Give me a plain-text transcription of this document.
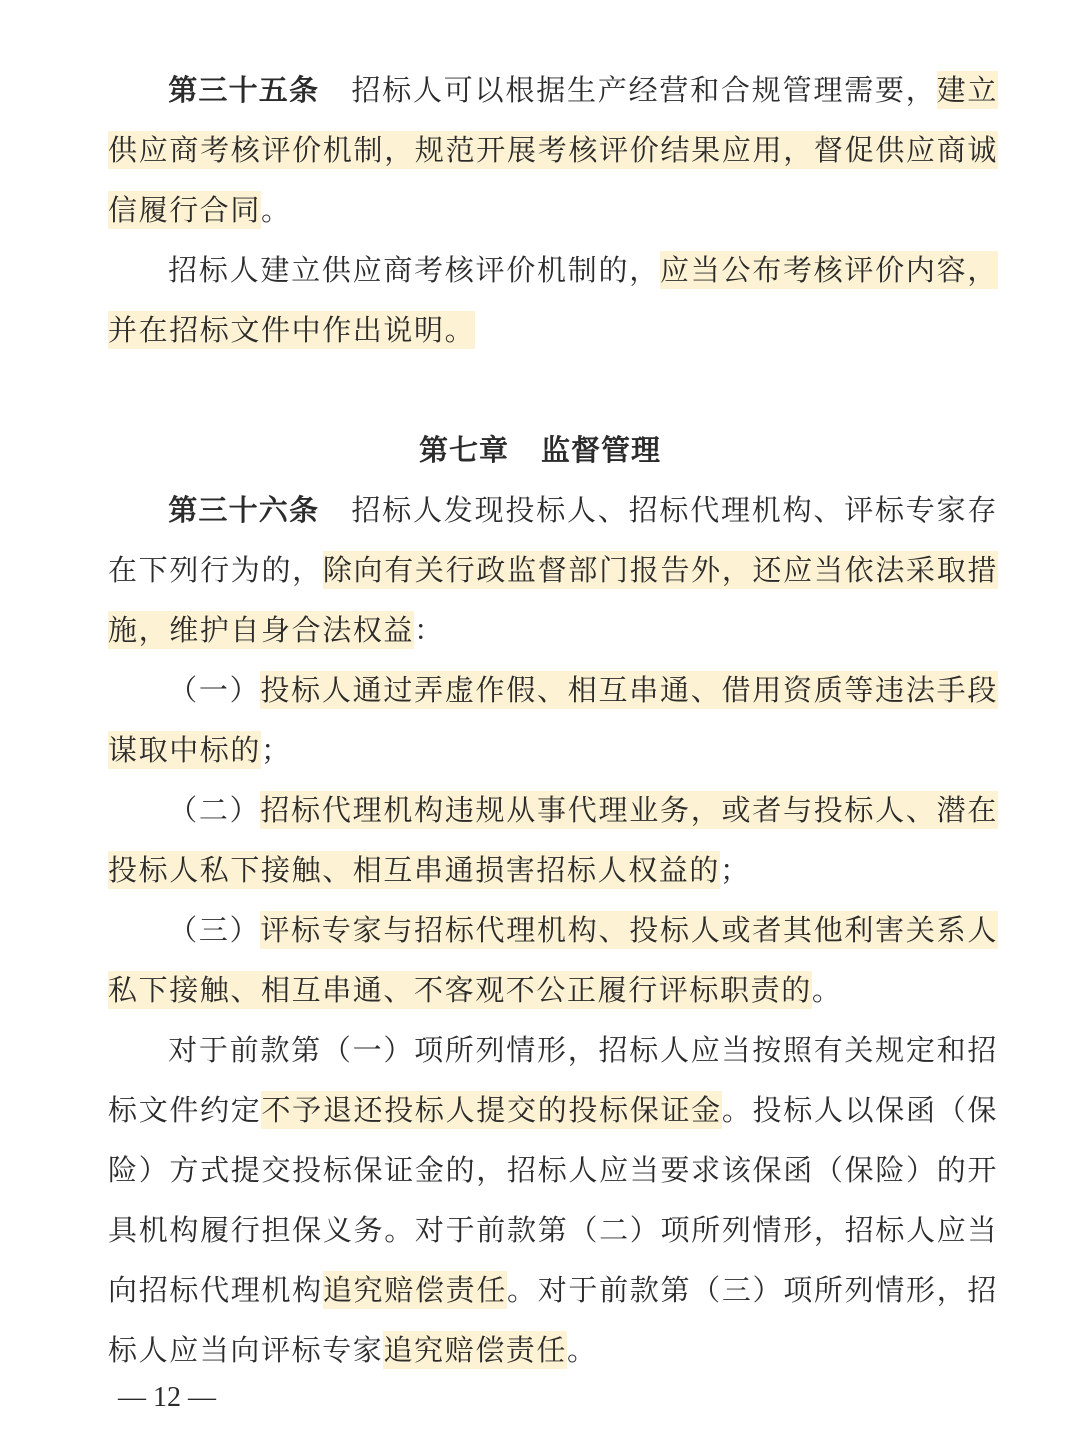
第三十五条 招标人可以根据生产经营和合规管理需要，建立
供应商考核评价机制，规范开展考核评价结果应用，督促供应商诚
信履行合同。
招标人建立供应商考核评价机制的，应当公布考核评价内容，
并在招标文件中作出说明。
第七章 监督管理
第三十六条 招标人发现投标人、招标代理机构、评标专家存
在下列行为的，除向有关行政监督部门报告外，还应当依法采取措
施，维护自身合法权益：
（一）投标人通过弄虚作假、相互串通、借用资质等违法手段
谋取中标的；
（二）招标代理机构违规从事代理业务，或者与投标人、潜在
投标人私下接触、相互串通损害招标人权益的；
（三）评标专家与招标代理机构、投标人或者其他利害关系人
私下接触、相互串通、不客观不公正履行评标职责的。
对于前款第（一）项所列情形，招标人应当按照有关规定和招
标文件约定不予退还投标人提交的投标保证金。投标人以保函（保
险）方式提交投标保证金的，招标人应当要求该保函（保险）的开
具机构履行担保义务。对于前款第（二）项所列情形，招标人应当
向招标代理机构追究赔偿责任。对于前款第（三）项所列情形，招
标人应当向评标专家追究赔偿责任。
— 12 —
